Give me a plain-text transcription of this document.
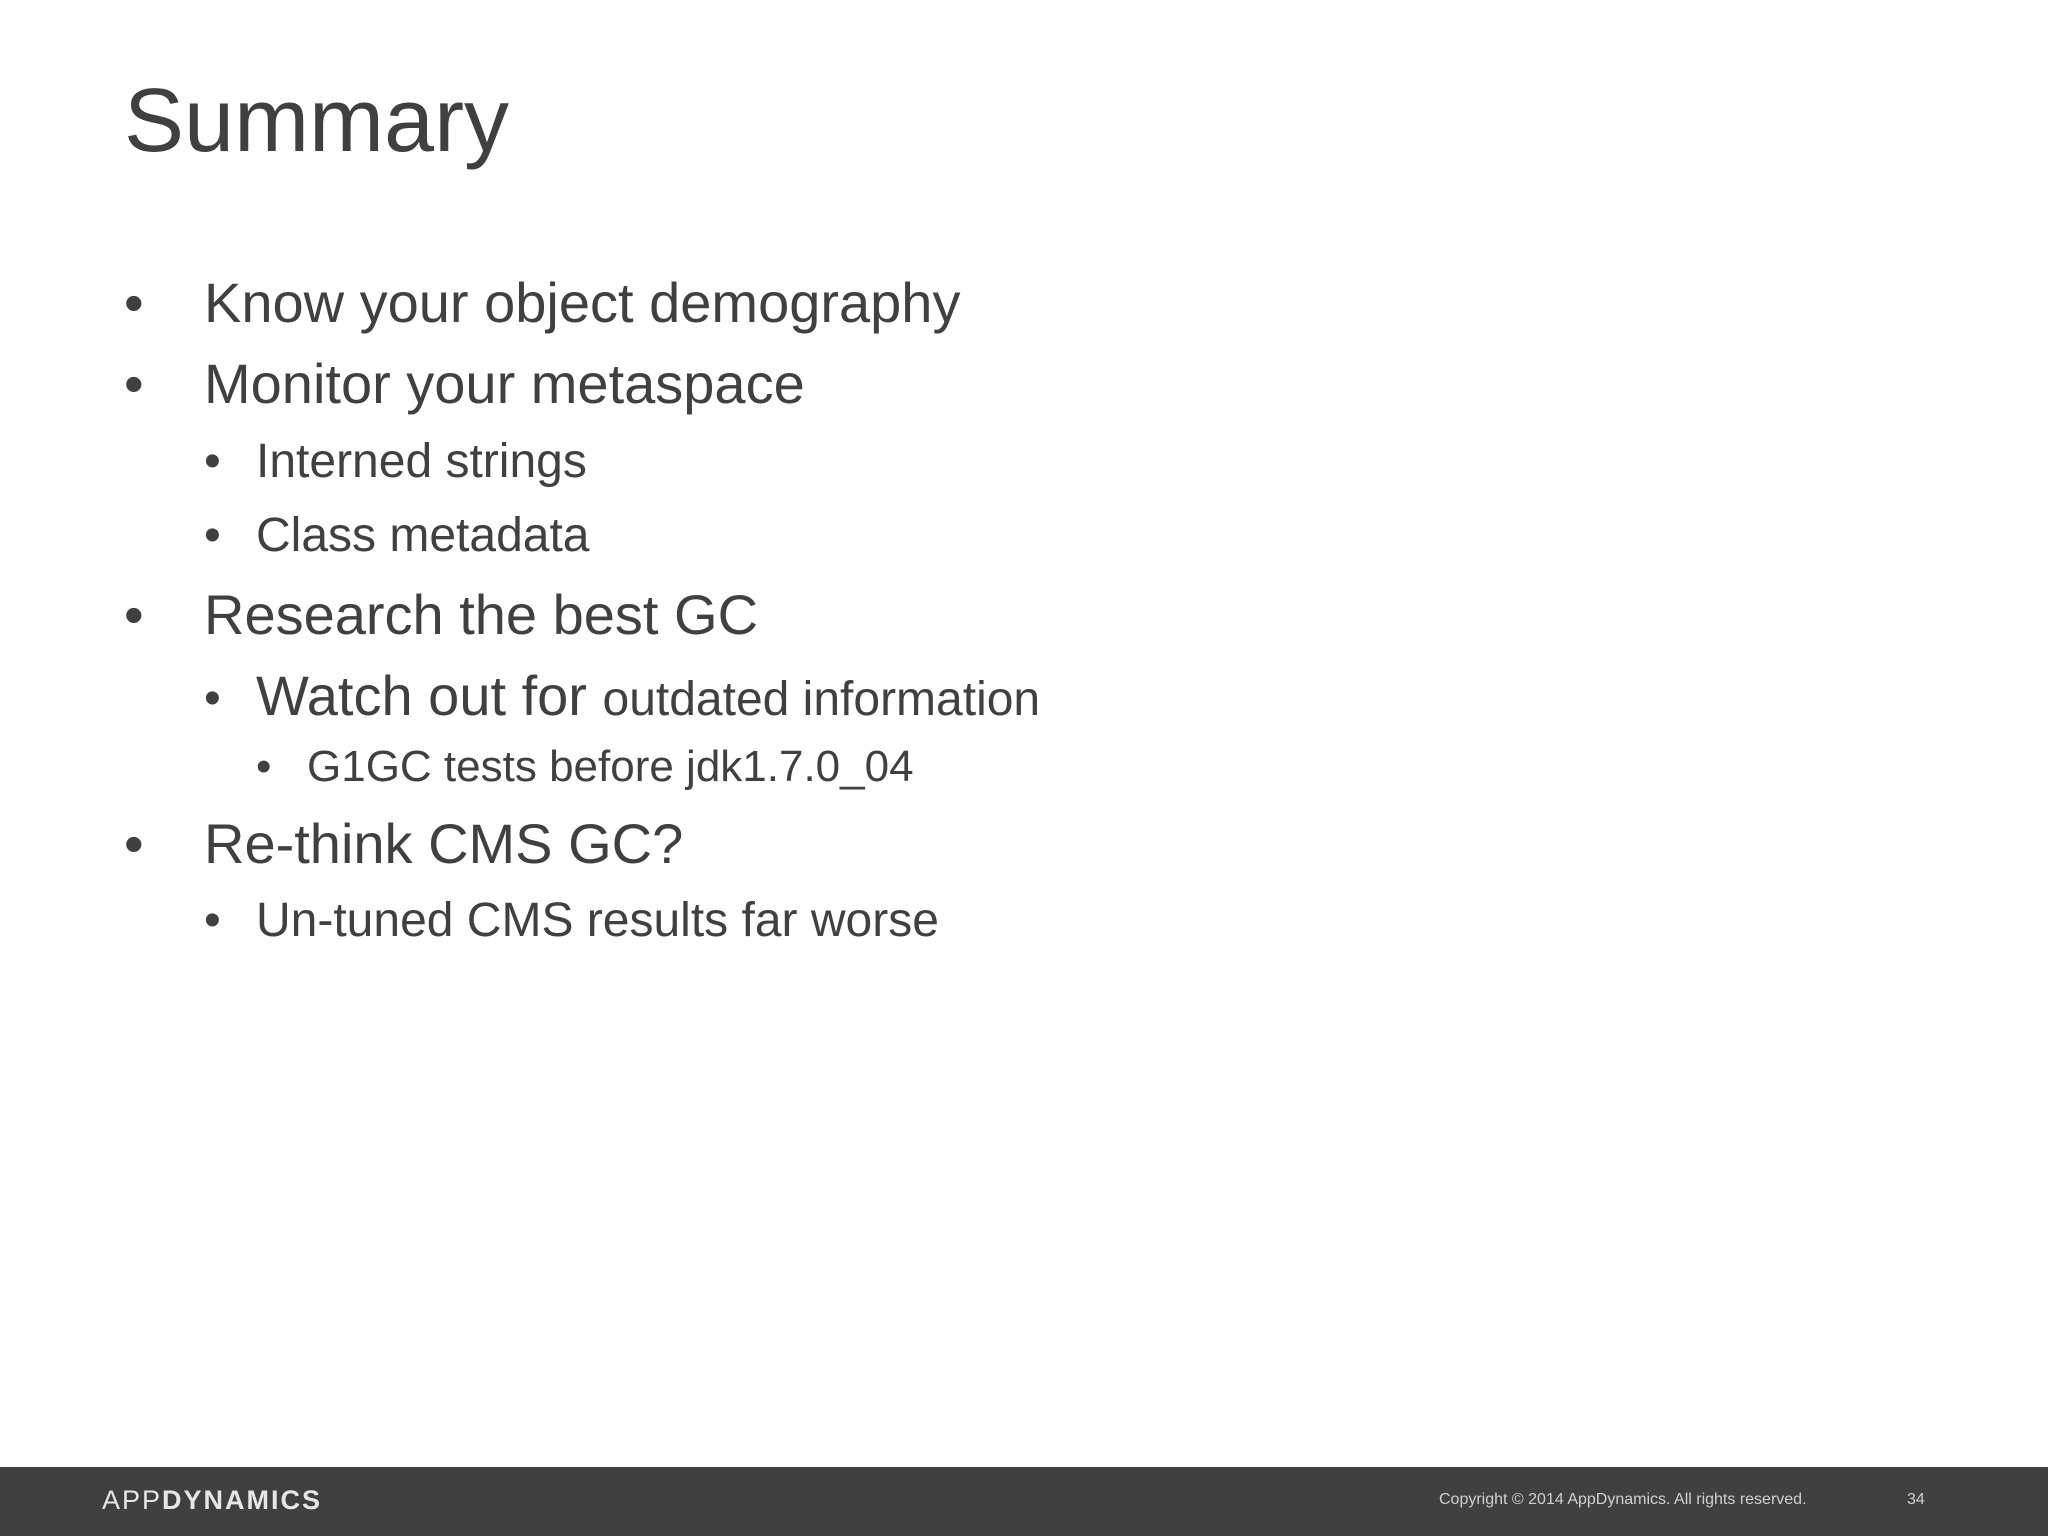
Summary
• Know your object demography
• Monitor your metaspace
• Interned strings
• Class metadata
• Research the best GC
• Watch out for outdated information
• G1GC tests before jdk1.7.0_04
• Re-think CMS GC?
• Un-tuned CMS results far worse
APPDYNAMICS	Copyright © 2014 AppDynamics. All rights reserved.	34
